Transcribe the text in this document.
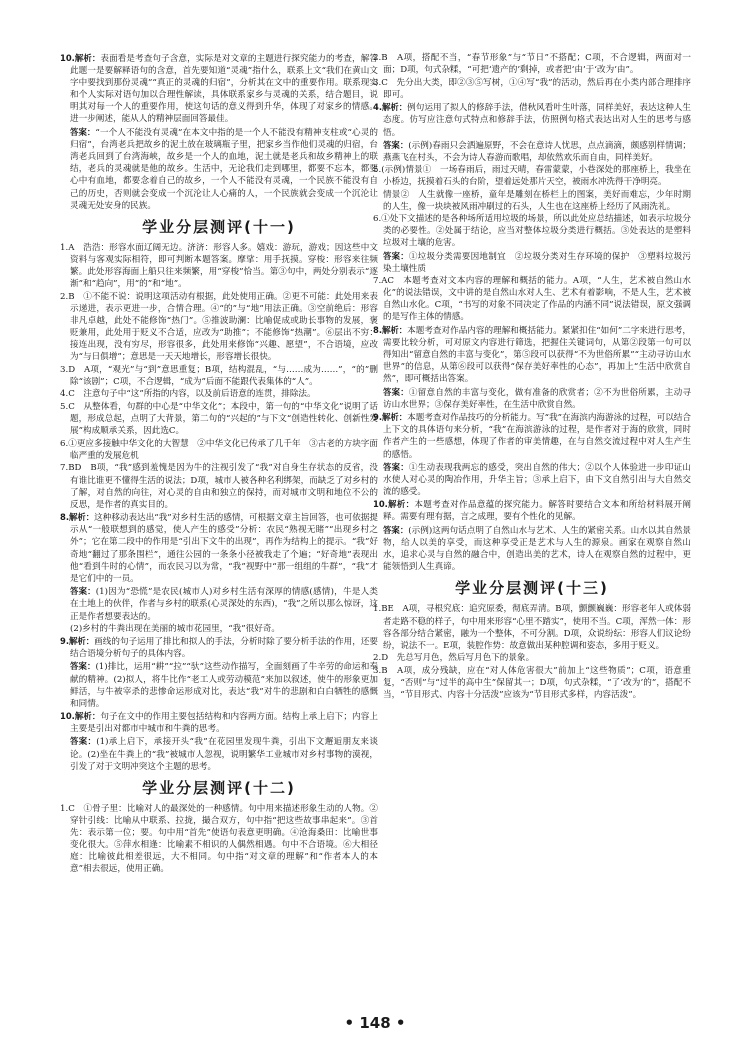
10.解析：表面看是考查句子含意，实际是对文章的主题进行探究能力的考查，解答此题一是要解释语句的含意，首先要知道“灵魂”指什么，联系上文“我们在黄山文字中要找到那份灵魂”“真正的灵魂的归宿”，分析其在文中的重要作用。联系现实和个人实际对语句加以合理性解读，具体联系家乡与灵魂的关系，结合题目，说明其对每一个人的重要作用，使这句话的意义得到升华，体现了对家乡的情感。进一步阐述，能从人的精神层面回答最佳。

答案：“一个人不能没有灵魂”在本文中指的是一个人不能没有精神支柱或“心灵的归宿”，台湾老兵把故乡的泥土放在玻璃瓶子里，把家乡当作他们灵魂的归宿，台湾老兵回到了台湾海峡，故乡是一个人的血地，泥土就是老兵和故乡精神上的联结，老兵的灵魂就是他的故乡。生活中，无论我们走到哪里，都要不忘本，都要心中有血地，都要念着自己的故乡，一个人不能没有灵魂，一个民族不能没有自己的历史，否则就会变成一个沉沦让人心痛的人，一个民族就会变成一个沉沦让灵魂无处安身的民族。

学业分层测评(十一)

1.A　浩浩：形容水面辽阔无边。济济：形容人多。嬉戏：游玩，游戏；因这些中文资料与客观实际相符，即可判断本题答案。摩挲：用手抚摸。穿梭：形容来往频繁。此处形容海面上船只往来频繁，用“穿梭”恰当。第③句中，两处分别表示“逐渐”和“趋向”，用“的”和“地”。

2.B　①不能不说：说明这项活动有根据，此处使用正确。②更不可能：此处用来表示递进，表示更进一步，合情合理。④“的”与“地”用法正确。③空前绝后：形容非凡卓越，此处不能修饰“热门”。⑤推波助澜：比喻促成或助长事物的发展，褒贬兼用，此处用于贬义不合适，应改为“助推”；不能修饰“热潮”。⑥层出不穷：接连出现，没有穷尽，形容很多，此处用来修饰“兴趣、愿望”，不合语境，应改为“与日俱增”；意思是一天天地增长，形容增长很快。

3.D　A项，“观光”与“到”意思重复；B项，结构混乱，“与……成为……”，“的”删除“该剧”；C项，不合逻辑，“成为”后面不能跟代表集体的“人”。

4.C　注意句子中“这”所指的内容，以及前后语意的连贯，排除法。

5.C　从整体看，句群的中心是“中华文化”；本段中，第一句的“中华文化”说明了话题，形成总起，点明了大背景，第二句的“兴起的”与下文“创造性转化、创新性发展”构成顺承关系，因此选C。

6.①更应多接触中华文化的大智慧　②中华文化已传承了几千年　③古老的方块字面临严重的发展危机

7.BD　B项，“我”感到羞愧是因为牛的注视引发了“我”对自身生存状态的反省，没有谁比谁更不懂得生活的说法；D项，城市人被各种名利绑架，而缺乏了对乡村的了解，对自然的向往，对心灵的自由和独立的保持，而对城市文明和地位不公的反思，是作者的真实目的。

8.解析：这种移动表达出“我”对乡村生活的感情，可根据文章主旨回答，也可依据提示从“一般联想到的感觉，使人产生的感受”分析：农民“熟视无睹”“出现乡村之外”；它在第二段中的作用是“引出下文牛的出现”，再作为结构上的提示。“我”好奇地“翻过了那条围栏”，通往公园的一条条小径被我走了个遍；“好奇地”表现出他“看到牛时的心情”，而农民习以为常，“我”视野中“那一组组的牛群”，“我”才是它们中的一员。

答案：(1)因为“恐慌”是农民(城市人)对乡村生活有深厚的情感(感情)，牛是人类在土地上的伙伴，作者与乡村的联系(心灵深处的东西)，“我”之所以那么惊讶，这正是作者想要表达的。

(2)乡村的牛粪出现在美丽的城市花园里，“我”很好奇。

9.解析：画线的句子运用了排比和拟人的手法，分析时除了要分析手法的作用，还要结合语境分析句子的具体内容。

答案：(1)排比，运用“耕”“拉”“驮”这些动作描写，全面刻画了牛辛劳的命运和奉献的精神。(2)拟人，将牛比作“老工人或劳动模范”来加以叙述，使牛的形象更加鲜活，与牛被宰杀的悲惨命运形成对比，表达“我”对牛的悲剧和白白牺牲的感慨和同情。

10.解析：句子在文中的作用主要包括结构和内容两方面。结构上承上启下；内容上主要是引出对都市中城市和牛粪的思考。

答案：(1)承上启下，承接开头“我”在花园里发现牛粪，引出下文邂逅朋友来谈论。(2)坐在牛粪上的“我”被城市人忽视，说明繁华工业城市对乡村事物的漠视，引发了对于文明冲突这个主题的思考。

学业分层测评(十二)

1.C　①骨子里：比喻对人的最深处的一种感情。句中用来描述形象生动的人物。②穿针引线：比喻从中联系、拉拢，撮合双方，句中指“把这些故事串起来”。③首先：表示第一位；要。句中用“首先”使语句表意更明确。④沧海桑田：比喻世事变化很大。⑤萍水相逢：比喻素不相识的人偶然相遇。句中不合语境。⑥大相径庭：比喻彼此相差很远，大不相同。句中指“对文章的理解”和“作者本人的本意”相去很远，使用正确。

2.B　A项，搭配不当，“春节形象”与“节日”不搭配；C项，不合逻辑，两面对一面；D项，句式杂糅，“可把‘遗产的’剩掉，或者把‘由’于‘改为’由”。

3.C　先分出大类，即②③⑤写树，①④写“我”的活动，然后再在小类内部合理排序即可。

4.解析：例句运用了拟人的修辞手法，借秋风看叶生叶落，同样美好，表达这种人生态度。仿写应注意句式特点和修辞手法，仿照例句格式表达出对人生的思考与感悟。

答案：(示例)春雨只会洒遍原野，不会在意诗人忧思，点点滴滴，颇感别样情调；燕燕飞在村头，不会为诗人春游而歌唱，却依然欢乐而自由，同样美好。

5.(示例)情景①　一场春雨后，雨过天晴，春雷蒙蒙，小巷深处的那座桥上，我坐在小桥边，抚摸着石头的台阶，望着远处那片天空，被雨水冲洗得干净明亮。

情景②　人生就像一座桥，童年是雕刻在桥栏上的图案，美好而难忘，少年时期的人生，像一块块被风雨冲刷过的石头，人生也在这座桥上经历了风雨洗礼。

6.①处下文描述的是各种场所适用垃圾的场景，所以此处应总结描述，如表示垃圾分类的必要性。②处属于结论，应当对整体垃圾分类进行概括。③处表达的是塑料垃圾对土壤的危害。

答案：①垃圾分类需要因地制宜　②垃圾分类对生存环境的保护　③塑料垃圾污染土壤性质

7.AC　本题考查对文本内容的理解和概括的能力。A项，“人生，艺术被自然山水化”的说法错误，文中讲的是自然山水对人生、艺术有着影响，不是人生，艺术被自然山水化。C项，“书写的对象不同决定了作品的内涵不同”说法错误，原文强调的是写作主体的情感。

8.解析：本题考查对作品内容的理解和概括能力。紧紧扣住“如何”二字来进行思考，需要比较分析，可对原文内容进行筛选，把握住关键词句，从第②段第一句可以得知出“留意自然的丰富与变化”，第⑤段可以获得“不为世俗所累”“主动寻访山水世界”的信息，从第⑥段可以获得“保存美好率性的心态”，再加上“生活中欣赏自然”，即可概括出答案。

答案：①留意自然的丰富与变化，做有准备的欣赏者；②不为世俗所累，主动寻访山水世界；③保存美好率性，在生活中欣赏自然。

9.解析：本题考查对作品技巧的分析能力。写“我”在海滨内海游泳的过程，可以结合上下文的具体语句来分析，“我”在海滨游泳的过程，是作者对于海的欣赏，同时作者产生的一些感想，体现了作者的审美情趣，在与自然交流过程中对人生产生的感悟。

答案：①生动表现我两忘的感受，突出自然的伟大；②以个人体验进一步印证山水使人对心灵的陶冶作用，升华主旨；③承上启下，由下文自然引出与大自然交流的感受。

10.解析：本题考查对作品意蕴的探究能力。解答时要结合文本和所给材料展开阐释。需要有理有据，言之成理，要有个性化的见解。

答案：(示例)这两句话点明了自然山水与艺术、人生的紧密关系。山水以其自然景物，给人以美的享受，而这种享受正是艺术与人生的源泉。画家在观察自然山水，追求心灵与自然的融合中，创造出美的艺术，诗人在观察自然的过程中，更能领悟到人生真谛。

学业分层测评(十三)

1.BE　A项，寻根究底：追究原委，彻底弄清。B项，颤颤巍巍：形容老年人或体弱者走路不稳的样子，句中用来形容“心里不踏实”，使用不当。C项，浑然一体：形容各部分结合紧密，融为一个整体，不可分割。D项，众说纷纭：形容人们议论纷纷，说法不一。E项，装腔作势：故意做出某种腔调和姿态，多用于贬义。

2.D　先总写月色，然后写月色下的景象。

3.B　A项，成分残缺，应在“对人体危害很大”前加上“这些物质”；C项，语意重复，“否则”与“过半的高中生”保留其一；D项，句式杂糅，“了‘改为’的”，搭配不当，“节目形式、内容十分活泼”应该为“节目形式多样，内容活泼”。

• 148 •
